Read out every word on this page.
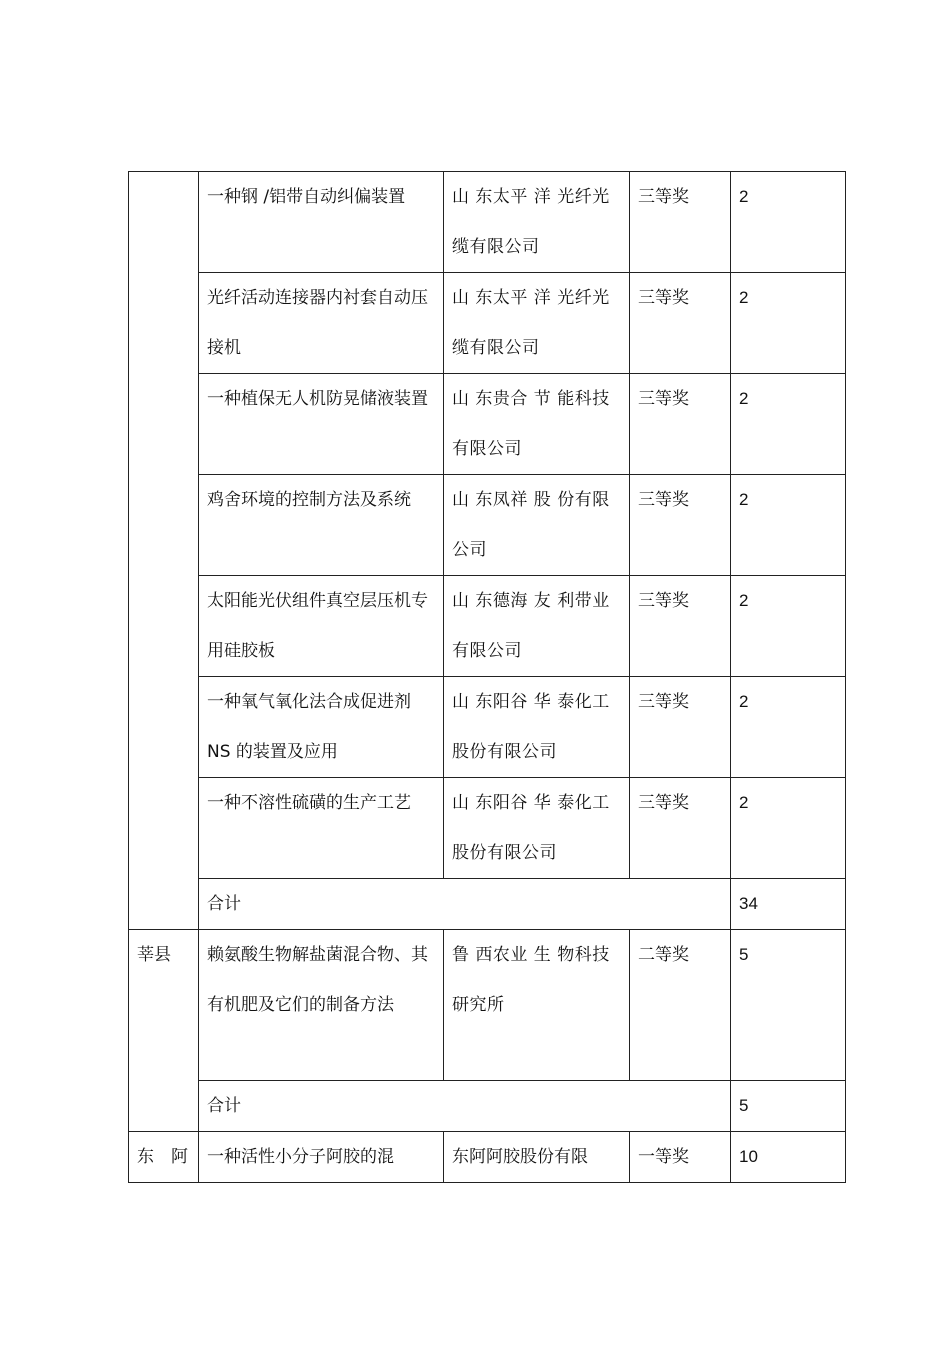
	一种钢 /铝带自动纠偏装置	山 东太平 洋 光纤光缆有限公司	三等奖	2

	光纤活动连接器内衬套自动压接机	山 东太平 洋 光纤光缆有限公司	三等奖	2

	一种植保无人机防晃储液装置	山 东贵合 节 能科技有限公司	三等奖	2

	鸡舍环境的控制方法及系统	山 东凤祥 股 份有限公司	三等奖	2

	太阳能光伏组件真空层压机专用硅胶板	山 东德海 友 利带业有限公司	三等奖	2

	一种氧气氧化法合成促进剂 NS 的装置及应用	山 东阳谷 华 泰化工股份有限公司	三等奖	2

	一种不溶性硫磺的生产工艺	山 东阳谷 华 泰化工股份有限公司	三等奖	2

	合计			34

莘县	赖氨酸生物解盐菌混合物、其有机肥及它们的制备方法	鲁 西农业 生 物科技研究所	二等奖	5

	合计			5

东　阿	一种活性小分子阿胶的混	东阿阿胶股份有限	一等奖	10
